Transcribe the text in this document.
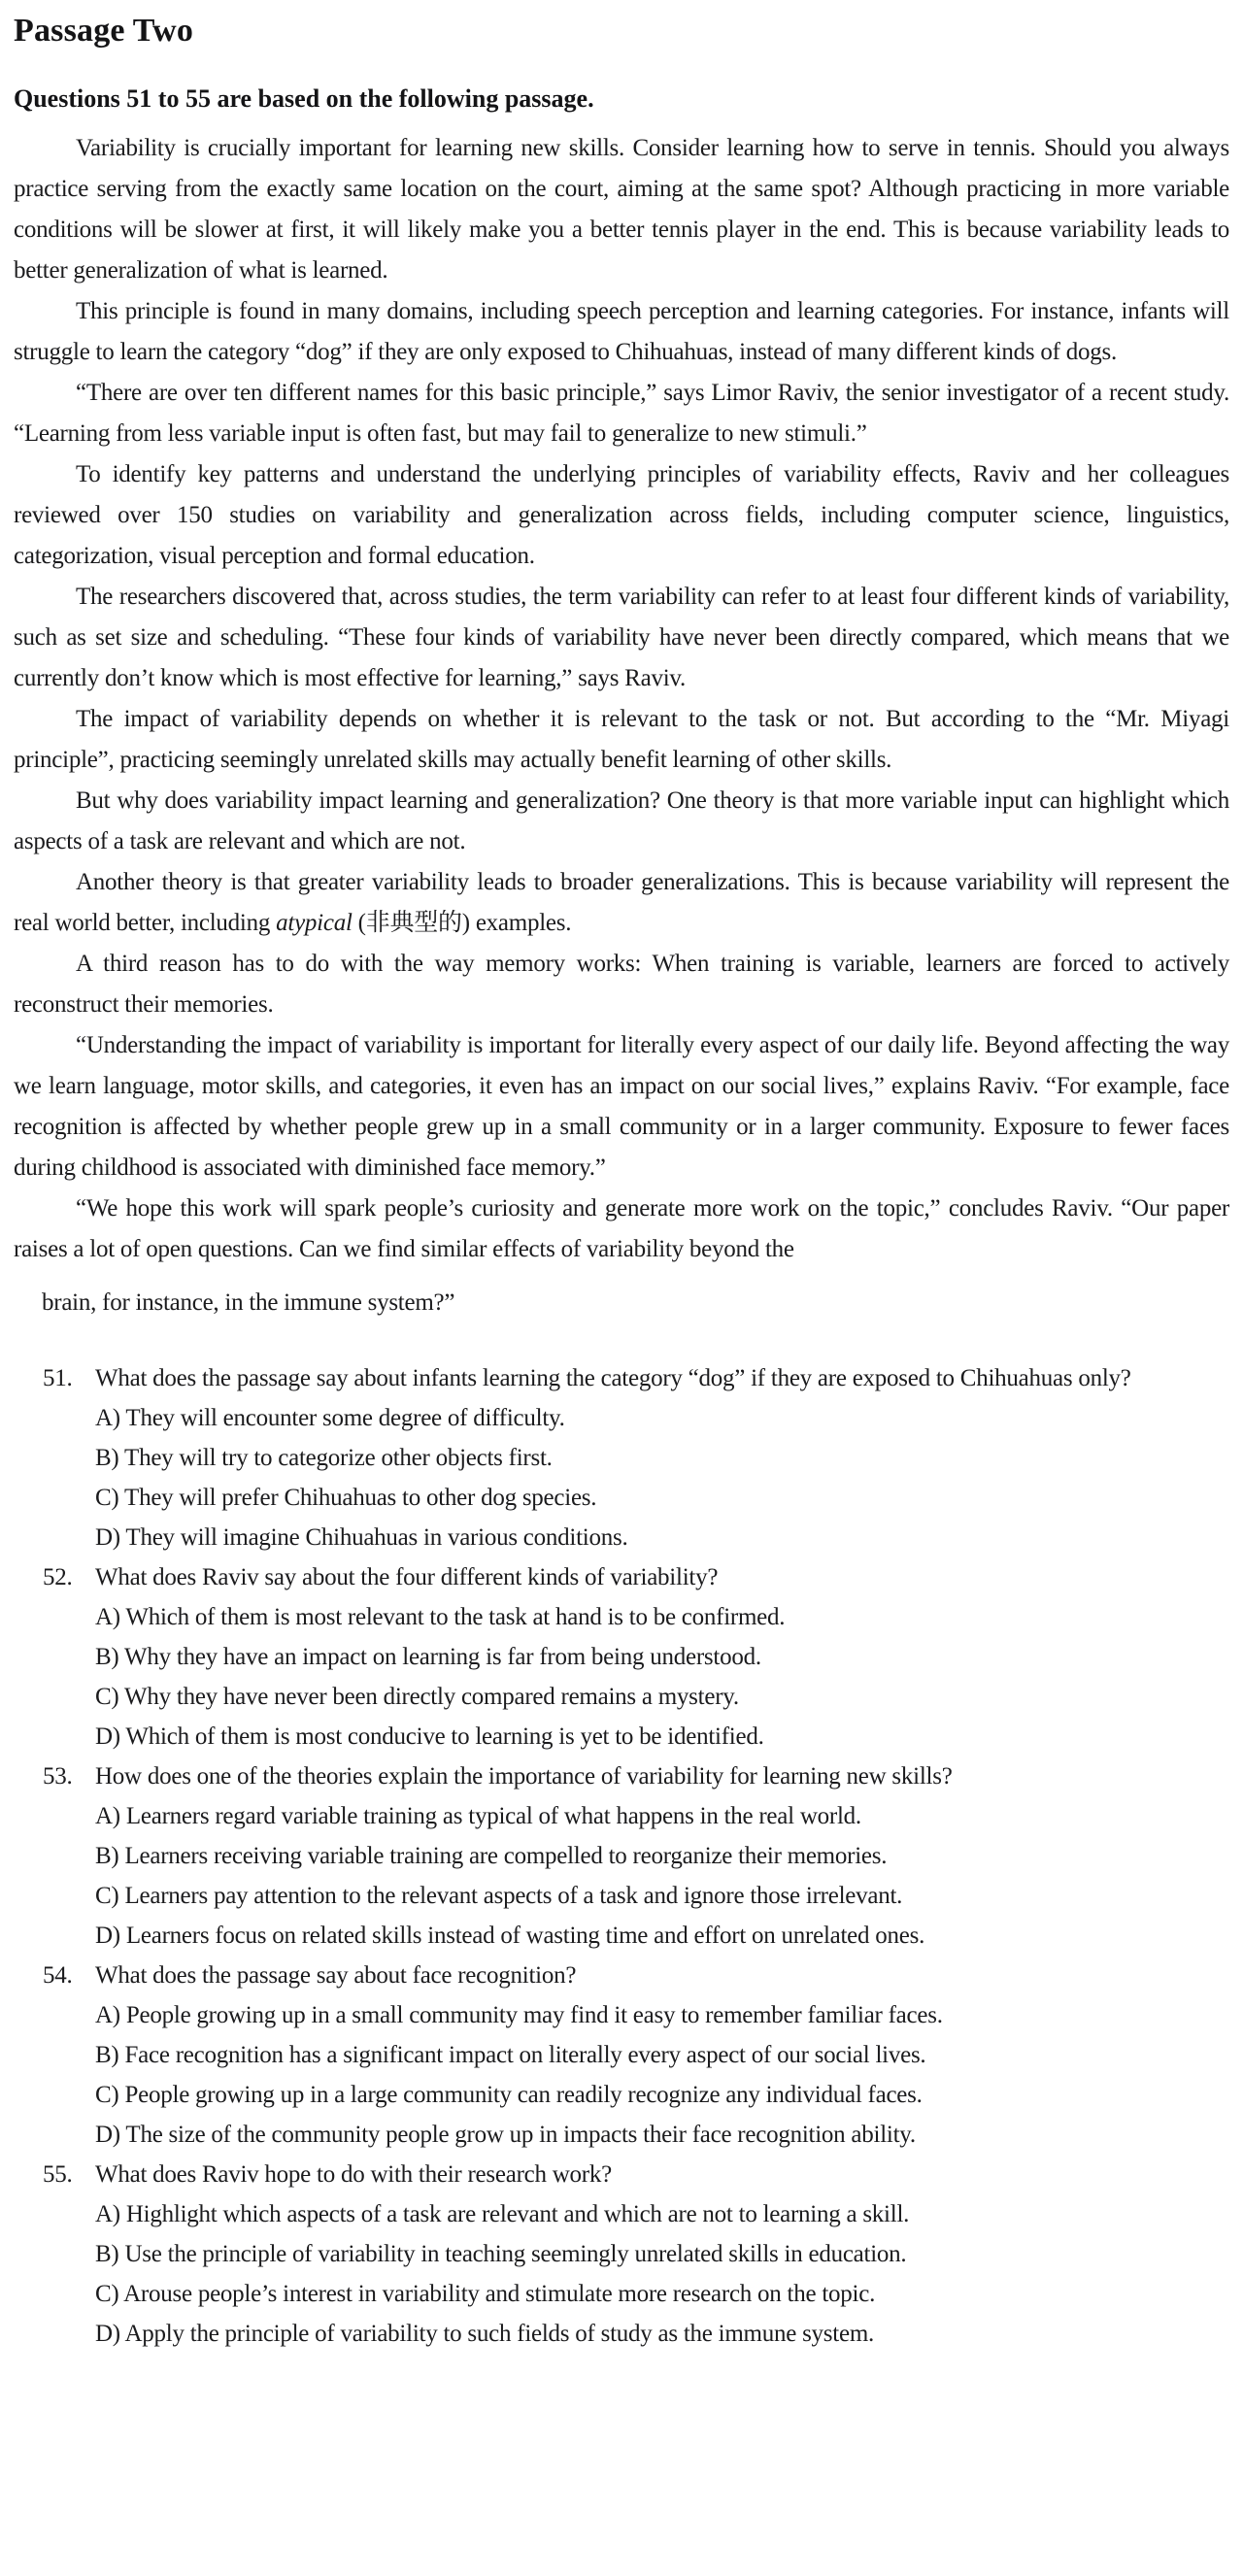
Passage Two

Questions 51 to 55 are based on the following passage.

Variability is crucially important for learning new skills. Consider learning how to serve in tennis. Should you always practice serving from the exactly same location on the court, aiming at the same spot? Although practicing in more variable conditions will be slower at first, it will likely make you a better tennis player in the end. This is because variability leads to better generalization of what is learned.

This principle is found in many domains, including speech perception and learning categories. For instance, infants will struggle to learn the category “dog” if they are only exposed to Chihuahuas, instead of many different kinds of dogs.

“There are over ten different names for this basic principle,” says Limor Raviv, the senior investigator of a recent study. “Learning from less variable input is often fast, but may fail to generalize to new stimuli.”

To identify key patterns and understand the underlying principles of variability effects, Raviv and her colleagues reviewed over 150 studies on variability and generalization across fields, including computer science, linguistics, categorization, visual perception and formal education.

The researchers discovered that, across studies, the term variability can refer to at least four different kinds of variability, such as set size and scheduling. “These four kinds of variability have never been directly compared, which means that we currently don’t know which is most effective for learning,” says Raviv.

The impact of variability depends on whether it is relevant to the task or not. But according to the “Mr. Miyagi principle”, practicing seemingly unrelated skills may actually benefit learning of other skills.

But why does variability impact learning and generalization? One theory is that more variable input can highlight which aspects of a task are relevant and which are not.

Another theory is that greater variability leads to broader generalizations. This is because variability will represent the real world better, including atypical (非典型的) examples.

A third reason has to do with the way memory works: When training is variable, learners are forced to actively reconstruct their memories.

“Understanding the impact of variability is important for literally every aspect of our daily life. Beyond affecting the way we learn language, motor skills, and categories, it even has an impact on our social lives,” explains Raviv. “For example, face recognition is affected by whether people grew up in a small community or in a larger community. Exposure to fewer faces during childhood is associated with diminished face memory.”

“We hope this work will spark people’s curiosity and generate more work on the topic,” concludes Raviv. “Our paper raises a lot of open questions. Can we find similar effects of variability beyond the

brain, for instance, in the immune system?”

51. What does the passage say about infants learning the category “dog” if they are exposed to Chihuahuas only?

A) They will encounter some degree of difficulty.

B) They will try to categorize other objects first.

C) They will prefer Chihuahuas to other dog species.

D) They will imagine Chihuahuas in various conditions.

52. What does Raviv say about the four different kinds of variability?

A) Which of them is most relevant to the task at hand is to be confirmed.

B) Why they have an impact on learning is far from being understood.

C) Why they have never been directly compared remains a mystery.

D) Which of them is most conducive to learning is yet to be identified.

53. How does one of the theories explain the importance of variability for learning new skills?

A) Learners regard variable training as typical of what happens in the real world.

B) Learners receiving variable training are compelled to reorganize their memories.

C) Learners pay attention to the relevant aspects of a task and ignore those irrelevant.

D) Learners focus on related skills instead of wasting time and effort on unrelated ones.

54. What does the passage say about face recognition?

A) People growing up in a small community may find it easy to remember familiar faces.

B) Face recognition has a significant impact on literally every aspect of our social lives.

C) People growing up in a large community can readily recognize any individual faces.

D) The size of the community people grow up in impacts their face recognition ability.

55. What does Raviv hope to do with their research work?

A) Highlight which aspects of a task are relevant and which are not to learning a skill.

B) Use the principle of variability in teaching seemingly unrelated skills in education.

C) Arouse people’s interest in variability and stimulate more research on the topic.

D) Apply the principle of variability to such fields of study as the immune system.
